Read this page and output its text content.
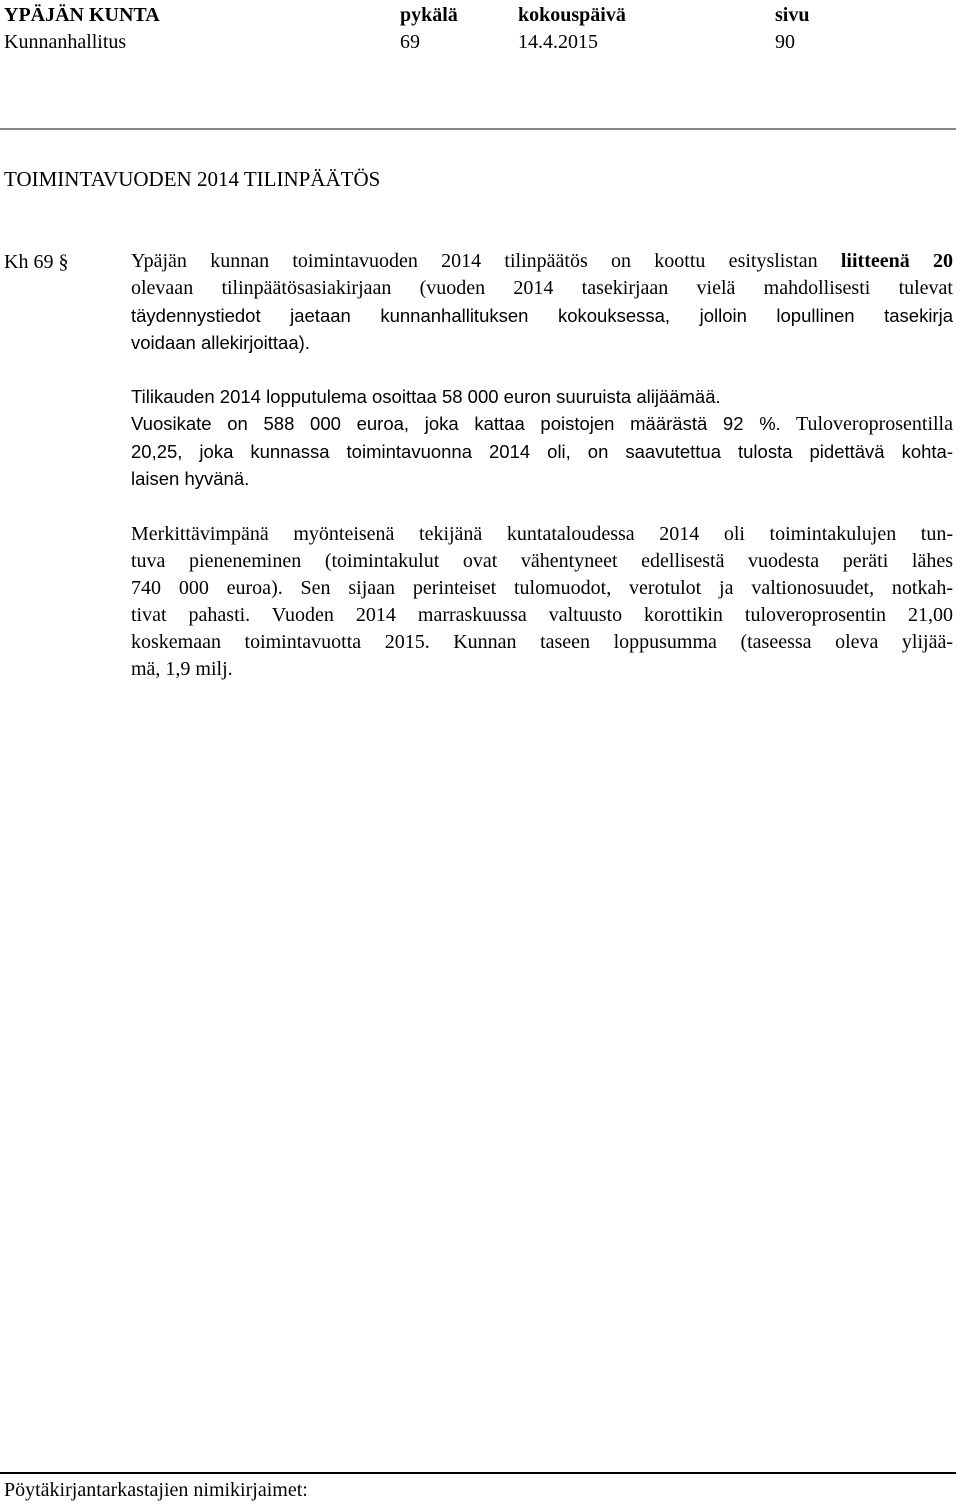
YPÄJÄN KUNTA	pykälä	kokouspäivä	sivu
Kunnanhallitus	69	14.4.2015	90
TOIMINTAVUODEN 2014 TILINPÄÄTÖS
Kh 69 §	Ypäjän kunnan toimintavuoden 2014 tilinpäätös on koottu esityslistan liitteenä 20
olevaan tilinpäätösasiakirjaan (vuoden 2014 tasekirjaan vielä mahdollisesti tulevat
täydennystiedot jaetaan kunnanhallituksen kokouksessa, jolloin lopullinen tasekirja
voidaan allekirjoittaa).
Tilikauden 2014 lopputulema osoittaa 58 000 euron suuruista alijäämää.
Vuosikate on 588 000 euroa, joka kattaa poistojen määrästä 92 %. Tuloveroprosentilla
20,25, joka kunnassa toimintavuonna 2014 oli, on saavutettua tulosta pidettävä kohta-
laisen hyvänä.
Merkittävimpänä myönteisenä tekijänä kuntataloudessa 2014 oli toimintakulujen tun-
tuva pieneneminen (toimintakulut ovat vähentyneet edellisestä vuodesta peräti lähes
740 000 euroa). Sen sijaan perinteiset tulomuodot, verotulot ja valtionosuudet, notkah-
tivat pahasti. Vuoden 2014 marraskuussa valtuusto korottikin tuloveroprosentin 21,00
koskemaan toimintavuotta 2015. Kunnan taseen loppusumma (taseessa oleva ylijää-
mä, 1,9 milj.
Pöytäkirjantarkastajien nimikirjaimet:
